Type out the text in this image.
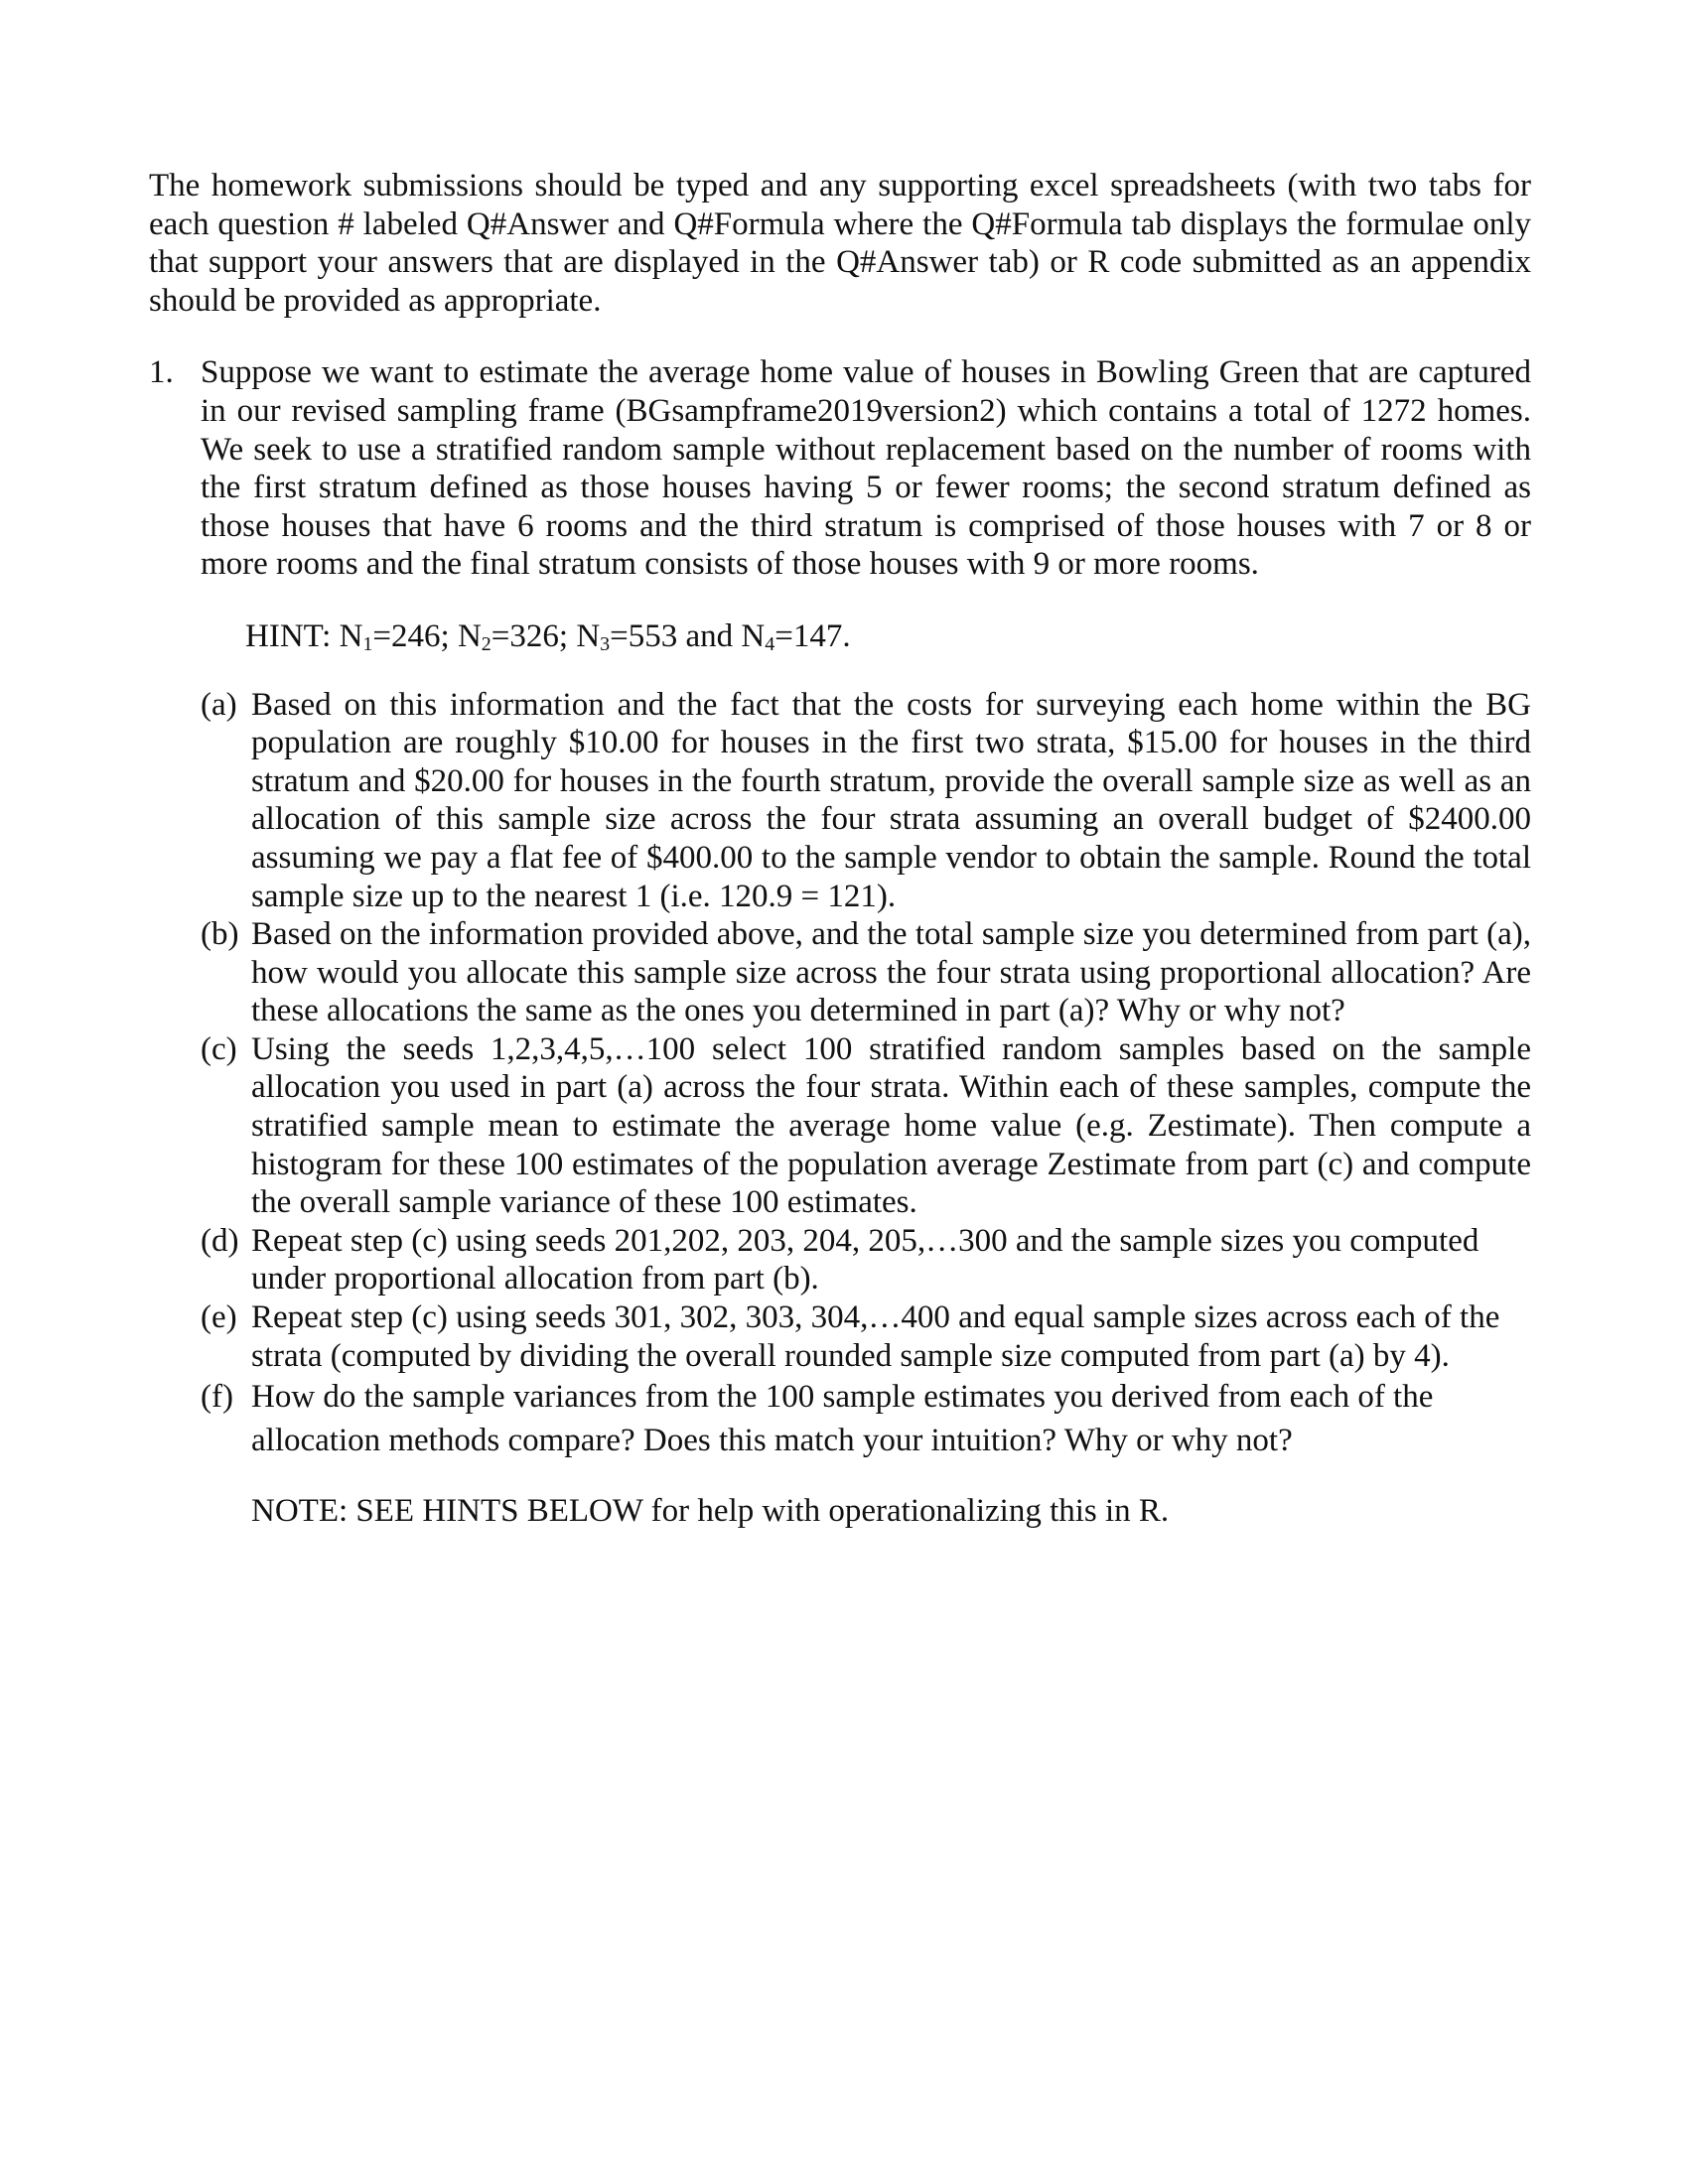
The homework submissions should be typed and any supporting excel spreadsheets (with two tabs for each question # labeled Q#Answer and Q#Formula where the Q#Formula tab displays the formulae only that support your answers that are displayed in the Q#Answer tab) or R code submitted as an appendix should be provided as appropriate.

1. Suppose we want to estimate the average home value of houses in Bowling Green that are captured in our revised sampling frame (BGsampframe2019version2) which contains a total of 1272 homes. We seek to use a stratified random sample without replacement based on the number of rooms with the first stratum defined as those houses having 5 or fewer rooms; the second stratum defined as those houses that have 6 rooms and the third stratum is comprised of those houses with 7 or 8 or more rooms and the final stratum consists of those houses with 9 or more rooms.

HINT: $N_1=246$; $N_2=326$; $N_3=553$ and $N_4=147$.

(a) Based on this information and the fact that the costs for surveying each home within the BG population are roughly $10.00 for houses in the first two strata, $15.00 for houses in the third stratum and $20.00 for houses in the fourth stratum, provide the overall sample size as well as an allocation of this sample size across the four strata assuming an overall budget of $2400.00 assuming we pay a flat fee of $400.00 to the sample vendor to obtain the sample. Round the total sample size up to the nearest 1 (i.e. 120.9 = 121).
(b) Based on the information provided above, and the total sample size you determined from part (a), how would you allocate this sample size across the four strata using proportional allocation? Are these allocations the same as the ones you determined in part (a)? Why or why not?
(c) Using the seeds 1,2,3,4,5,…100 select 100 stratified random samples based on the sample allocation you used in part (a) across the four strata. Within each of these samples, compute the stratified sample mean to estimate the average home value (e.g. Zestimate). Then compute a histogram for these 100 estimates of the population average Zestimate from part (c) and compute the overall sample variance of these 100 estimates.
(d) Repeat step (c) using seeds 201,202, 203, 204, 205,…300 and the sample sizes you computed under proportional allocation from part (b).
(e) Repeat step (c) using seeds 301, 302, 303, 304,…400 and equal sample sizes across each of the strata (computed by dividing the overall rounded sample size computed from part (a) by 4).
(f) How do the sample variances from the 100 sample estimates you derived from each of the allocation methods compare? Does this match your intuition? Why or why not?

NOTE: SEE HINTS BELOW for help with operationalizing this in R.
